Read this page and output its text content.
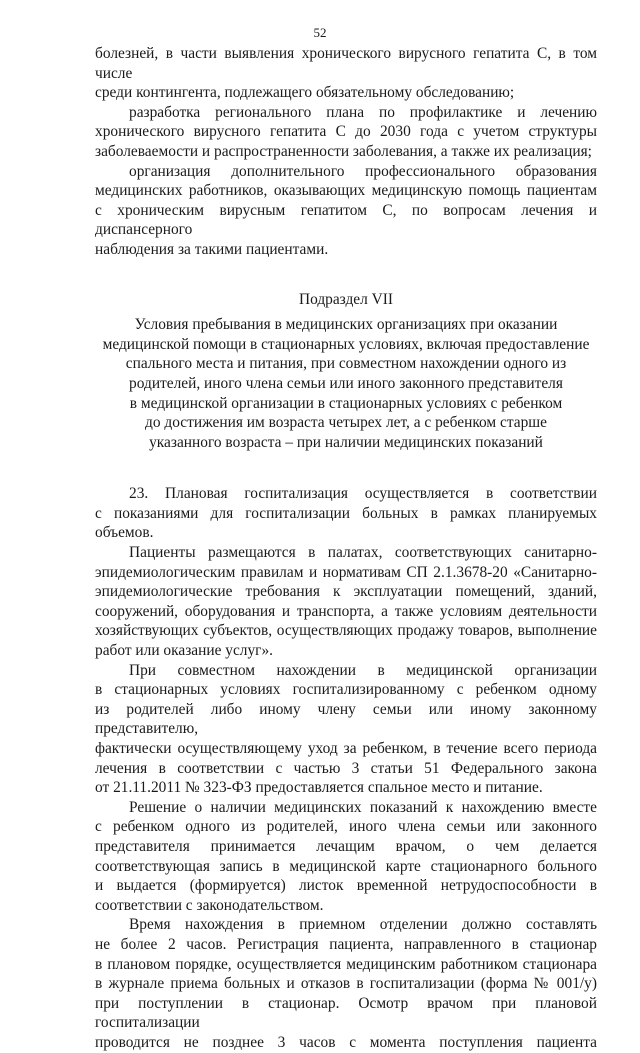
52

болезней, в части выявления хронического вирусного гепатита С, в том числе

среди контингента, подлежащего обязательному обследованию;

разработка регионального плана по профилактике и лечению

хронического вирусного гепатита С до 2030 года с учетом структуры

заболеваемости и распространенности заболевания, а также их реализация;

организация дополнительного профессионального образования

медицинских работников, оказывающих медицинскую помощь пациентам

с хроническим вирусным гепатитом С, по вопросам лечения и диспансерного

наблюдения за такими пациентами.

Подраздел VII

Условия пребывания в медицинских организациях при оказании

медицинской помощи в стационарных условиях, включая предоставление

спального места и питания, при совместном нахождении одного из

родителей, иного члена семьи или иного законного представителя

в медицинской организации в стационарных условиях с ребенком

до достижения им возраста четырех лет, а с ребенком старше

указанного возраста – при наличии медицинских показаний

23. Плановая госпитализация осуществляется в соответствии

с показаниями для госпитализации больных в рамках планируемых объемов.

Пациенты размещаются в палатах, соответствующих санитарно-

эпидемиологическим правилам и нормативам СП 2.1.3678-20 «Санитарно-

эпидемиологические требования к эксплуатации помещений, зданий,

сооружений, оборудования и транспорта, а также условиям деятельности

хозяйствующих субъектов, осуществляющих продажу товаров, выполнение

работ или оказание услуг».

При совместном нахождении в медицинской организации

в стационарных условиях госпитализированному с ребенком одному

из родителей либо иному члену семьи или иному законному представителю,

фактически осуществляющему уход за ребенком, в течение всего периода

лечения в соответствии с частью 3 статьи 51 Федерального закона

от 21.11.2011 № 323-ФЗ предоставляется спальное место и питание.

Решение о наличии медицинских показаний к нахождению вместе

с ребенком одного из родителей, иного члена семьи или законного

представителя принимается лечащим врачом, о чем делается

соответствующая запись в медицинской карте стационарного больного

и выдается (формируется) листок временной нетрудоспособности в

соответствии с законодательством.

Время нахождения в приемном отделении должно составлять

не более 2 часов. Регистрация пациента, направленного в стационар

в плановом порядке, осуществляется медицинским работником стационара

в журнале приема больных и отказов в госпитализации (форма № 001/у)

при поступлении в стационар. Осмотр врачом при плановой госпитализации

проводится не позднее 3 часов с момента поступления пациента
